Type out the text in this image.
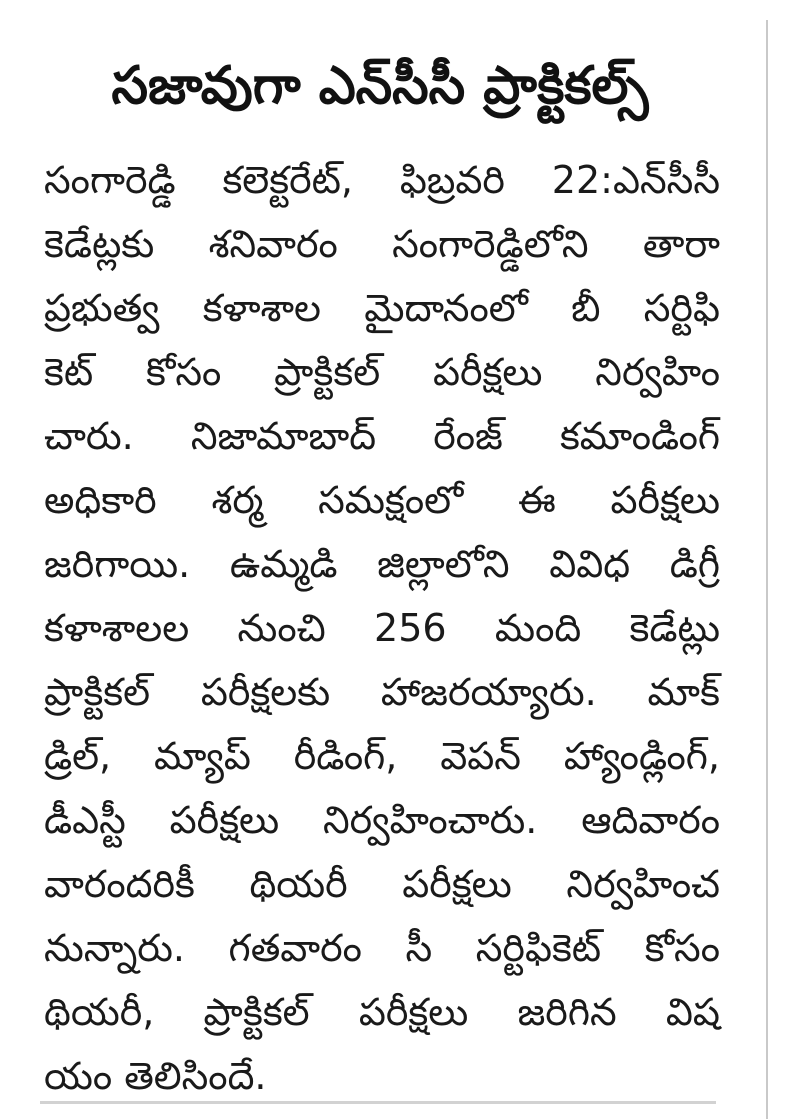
సజావుగా ఎన్‌సీసీ ప్రాక్టికల్స్
సంగారెడ్డి కలెక్టరేట్, ఫిబ్రవరి 22:ఎన్‌సీసీ
కెడేట్లకు శనివారం సంగారెడ్డిలోని తారా
ప్రభుత్వ కళాశాల మైదానంలో బీ సర్టిఫి
కెట్ కోసం ప్రాక్టికల్ పరీక్షలు నిర్వహిం
చారు. నిజామాబాద్ రేంజ్ కమాండింగ్
అధికారి శర్మ సమక్షంలో ఈ పరీక్షలు
జరిగాయి. ఉమ్మడి జిల్లాలోని వివిధ డిగ్రీ
కళాశాలల నుంచి 256 మంది కెడేట్లు
ప్రాక్టికల్ పరీక్షలకు హాజరయ్యారు. మాక్
డ్రిల్, మ్యాప్ రీడింగ్, వెపన్ హ్యాండ్లింగ్,
డీఎస్టీ పరీక్షలు నిర్వహించారు. ఆదివారం
వారందరికీ థియరీ పరీక్షలు నిర్వహించ
నున్నారు. గతవారం సీ సర్టిఫికెట్ కోసం
థియరీ, ప్రాక్టికల్ పరీక్షలు జరిగిన విష
యం తెలిసిందే.
